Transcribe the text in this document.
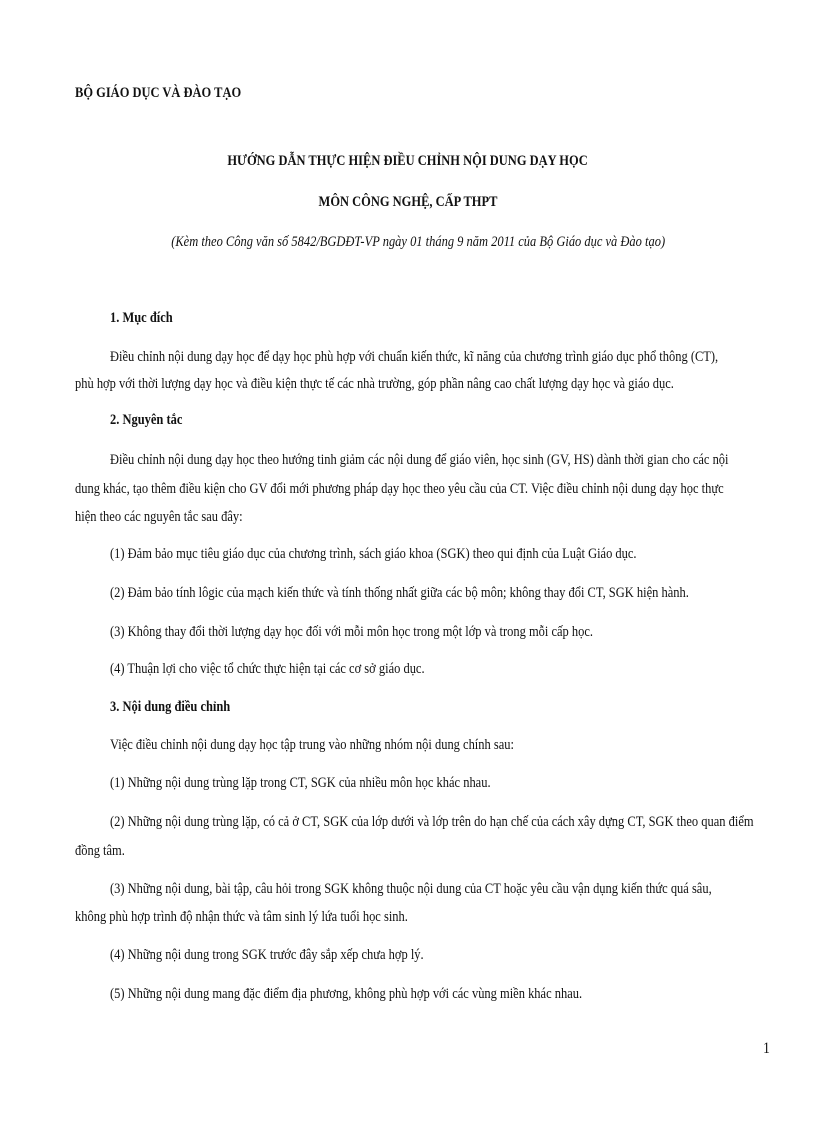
BỘ GIÁO DỤC VÀ ĐÀO TẠO

HƯỚNG DẪN THỰC HIỆN ĐIỀU CHỈNH NỘI DUNG DẠY HỌC

MÔN CÔNG NGHỆ, CẤP THPT

(Kèm theo Công văn số 5842/BGDĐT-VP ngày 01 tháng 9 năm 2011 của Bộ Giáo dục và Đào tạo)

1. Mục đích

Điều chỉnh nội dung dạy học để dạy học phù hợp với chuẩn kiến thức, kĩ năng của chương trình giáo dục phổ thông (CT),

phù hợp với thời lượng dạy học và điều kiện thực tế các nhà trường, góp phần nâng cao chất lượng dạy học và giáo dục.

2. Nguyên tắc

Điều chỉnh nội dung dạy học theo hướng tinh giảm các nội dung để giáo viên, học sinh (GV, HS) dành thời gian cho các nội

dung khác, tạo thêm điều kiện cho GV đổi mới phương pháp dạy học theo yêu cầu của CT. Việc điều chỉnh nội dung dạy học thực

hiện theo các nguyên tắc sau đây:

(1) Đảm bảo mục tiêu giáo dục của chương trình, sách giáo khoa (SGK) theo qui định của Luật Giáo dục.

(2) Đảm bảo tính lôgic của mạch kiến thức và tính thống nhất giữa các bộ môn; không thay đổi CT, SGK hiện hành.

(3) Không thay đổi thời lượng dạy học đối với mỗi môn học trong một lớp và trong mỗi cấp học.

(4) Thuận lợi cho việc tổ chức thực hiện tại các cơ sở giáo dục.

3. Nội dung điều chỉnh

Việc điều chỉnh nội dung dạy học tập trung vào những nhóm nội dung chính sau:

(1) Những nội dung trùng lặp trong CT, SGK của nhiều môn học khác nhau.

(2) Những nội dung trùng lặp, có cả ở CT, SGK của lớp dưới và lớp trên do hạn chế của cách xây dựng CT, SGK theo quan điểm

đồng tâm.

(3) Những nội dung, bài tập, câu hỏi trong SGK không thuộc nội dung của CT hoặc yêu cầu vận dụng kiến thức quá sâu,

không phù hợp trình độ nhận thức và tâm sinh lý lứa tuổi học sinh.

(4) Những nội dung trong SGK trước đây sắp xếp chưa hợp lý.

(5) Những nội dung mang đặc điểm địa phương, không phù hợp với các vùng miền khác nhau.

1
